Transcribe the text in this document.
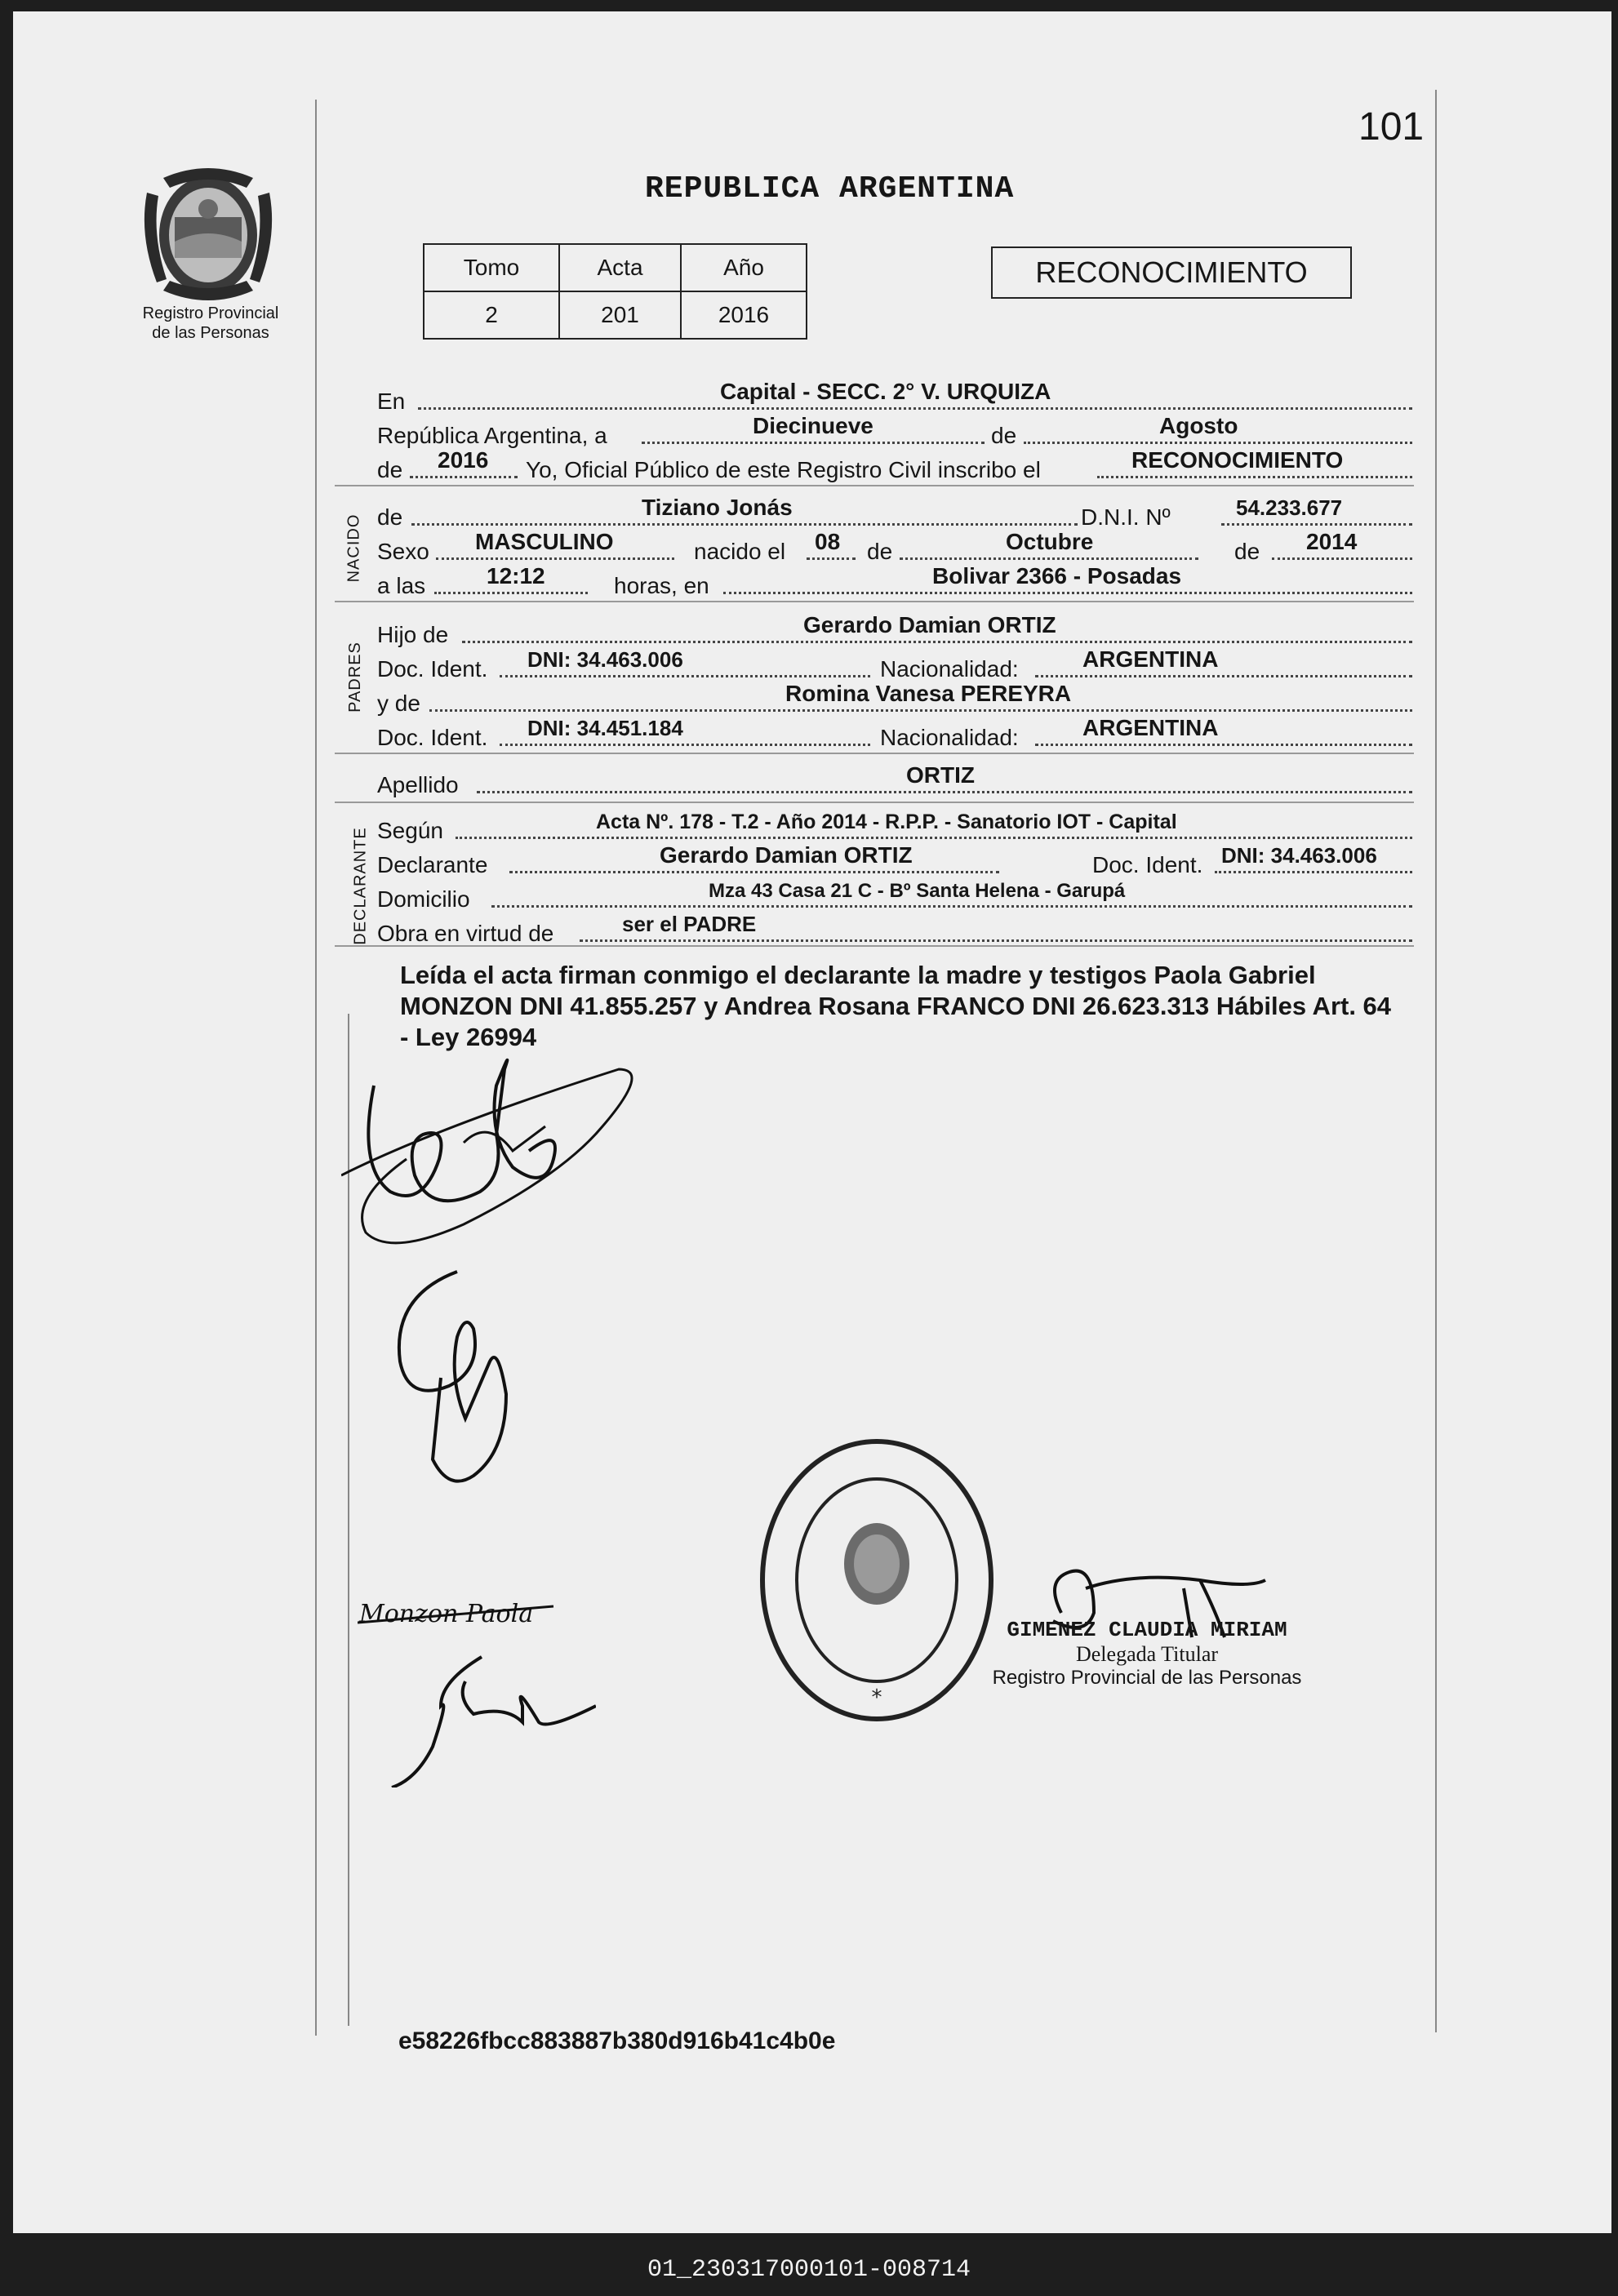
Registro Provincial
de las Personas
101
REPUBLICA ARGENTINA
Tomo	Acta	Año
2	201	2016
RECONOCIMIENTO
NACIDO
PADRES
DECLARANTE
En	Capital - SECC. 2° V. URQUIZA
República Argentina, a	Diecinueve	de	Agosto
de 2016 Yo, Oficial Público de este Registro Civil inscribo el	RECONOCIMIENTO
de	Tiziano Jonás	D.N.I. Nº	54.233.677
Sexo MASCULINO	nacido el 08 de	Octubre	de 2014
a las	12:12	horas, en	Bolivar 2366 - Posadas
Hijo de	Gerardo Damian ORTIZ
Doc. Ident. DNI: 34.463.006	Nacionalidad:	ARGENTINA
y de	Romina Vanesa PEREYRA
Doc. Ident. DNI: 34.451.184	Nacionalidad:	ARGENTINA
Apellido	ORTIZ
Según	Acta Nº. 178 - T.2 - Año 2014 - R.P.P. - Sanatorio IOT - Capital
Declarante	Gerardo Damian ORTIZ	Doc. Ident. DNI: 34.463.006
Domicilio	Mza 43 Casa 21 C - Bº Santa Helena - Garupá
Obra en virtud de	ser el PADRE
Leída el acta firman conmigo el declarante la madre y testigos Paola Gabriel MONZON DNI 41.855.257 y Andrea Rosana FRANCO DNI 26.623.313 Hábiles Art. 64 - Ley 26994
Monzon Paola
*
GIMENEZ CLAUDIA MIRIAM
Delegada Titular
Registro Provincial de las Personas
e58226fbcc883887b380d916b41c4b0e
01_230317000101-008714
